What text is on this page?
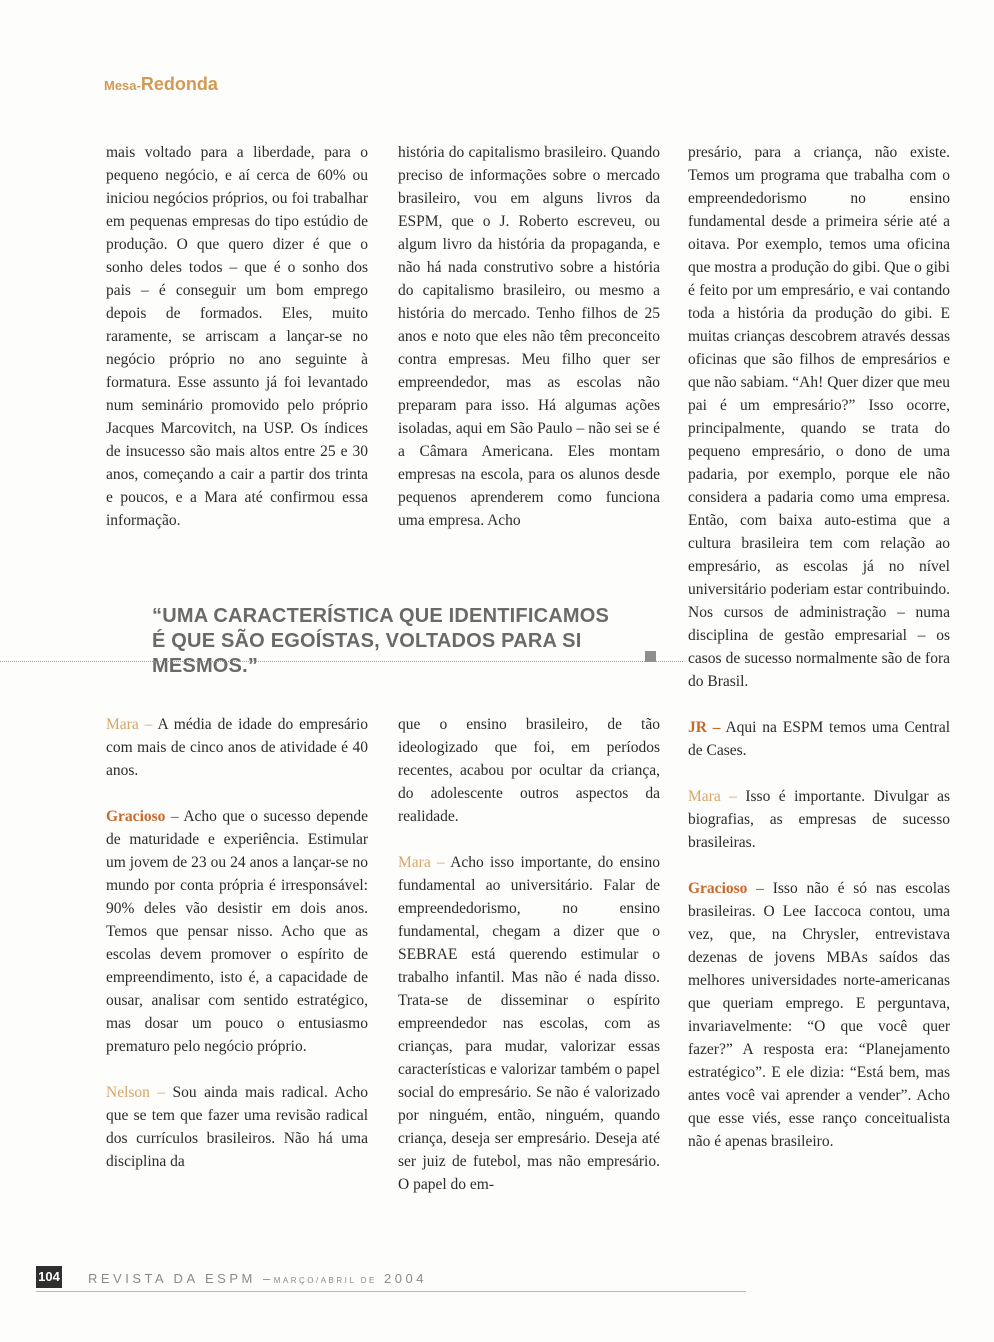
Mesa-Redonda

mais voltado para a liberdade, para o pequeno negócio, e aí cerca de 60% ou iniciou negócios próprios, ou foi trabalhar em pequenas empresas do tipo estúdio de produção. O que quero dizer é que o sonho deles todos – que é o sonho dos pais – é conseguir um bom emprego depois de formados. Eles, muito raramente, se arriscam a lançar-se no negócio próprio no ano seguinte à formatura. Esse assunto já foi levantado num seminário promovido pelo próprio Jacques Marcovitch, na USP. Os índices de insucesso são mais altos entre 25 e 30 anos, começando a cair a partir dos trinta e poucos, e a Mara até confirmou essa informação.

história do capitalismo brasileiro. Quando preciso de informações sobre o mercado brasileiro, vou em alguns livros da ESPM, que o J. Roberto escreveu, ou algum livro da história da propaganda, e não há nada construtivo sobre a história do capitalismo brasileiro, ou mesmo a história do mercado. Tenho filhos de 25 anos e noto que eles não têm preconceito contra empresas. Meu filho quer ser empreendedor, mas as escolas não preparam para isso. Há algumas ações isoladas, aqui em São Paulo – não sei se é a Câmara Americana. Eles montam empresas na escola, para os alunos desde pequenos aprenderem como funciona uma empresa. Acho

presário, para a criança, não existe. Temos um programa que trabalha com o empreendedorismo no ensino fundamental desde a primeira série até a oitava. Por exemplo, temos uma oficina que mostra a produção do gibi. Que o gibi é feito por um empresário, e vai contando toda a história da produção do gibi. E muitas crianças descobrem através dessas oficinas que são filhos de empresários e que não sabiam. “Ah! Quer dizer que meu pai é um empresário?” Isso ocorre, principalmente, quando se trata do pequeno empresário, o dono de uma padaria, por exemplo, porque ele não considera a padaria como uma empresa. Então, com baixa auto-estima que a cultura brasileira tem com relação ao empresário, as escolas já no nível universitário poderiam estar contribuindo. Nos cursos de administração – numa disciplina de gestão empresarial – os casos de sucesso normalmente são de fora do Brasil.

JR – Aqui na ESPM temos uma Central de Cases.

Mara – Isso é importante. Divulgar as biografias, as empresas de sucesso brasileiras.

Gracioso – Isso não é só nas escolas brasileiras. O Lee Iaccoca contou, uma vez, que, na Chrysler, entrevistava dezenas de jovens MBAs saídos das melhores universidades norte-americanas que queriam emprego. E perguntava, invariavelmente: “O que você quer fazer?” A resposta era: “Planejamento estratégico”. E ele dizia: “Está bem, mas antes você vai aprender a vender”. Acho que esse viés, esse ranço conceitualista não é apenas brasileiro.

“UMA CARACTERÍSTICA QUE IDENTIFICAMOS
É QUE SÃO EGOÍSTAS, VOLTADOS PARA SI MESMOS.”

Mara – A média de idade do empresário com mais de cinco anos de atividade é 40 anos.

Gracioso – Acho que o sucesso depende de maturidade e experiência. Estimular um jovem de 23 ou 24 anos a lançar-se no mundo por conta própria é irresponsável: 90% deles vão desistir em dois anos. Temos que pensar nisso. Acho que as escolas devem promover o espírito de empreendimento, isto é, a capacidade de ousar, analisar com sentido estratégico, mas dosar um pouco o entusiasmo prematuro pelo negócio próprio.

Nelson – Sou ainda mais radical. Acho que se tem que fazer uma revisão radical dos currículos brasileiros. Não há uma disciplina da

que o ensino brasileiro, de tão ideologizado que foi, em períodos recentes, acabou por ocultar da criança, do adolescente outros aspectos da realidade.

Mara – Acho isso importante, do ensino fundamental ao universitário. Falar de empreendedorismo, no ensino fundamental, chegam a dizer que o SEBRAE está querendo estimular o trabalho infantil. Mas não é nada disso. Trata-se de disseminar o espírito empreendedor nas escolas, com as crianças, para mudar, valorizar essas características e valorizar também o papel social do empresário. Se não é valorizado por ninguém, então, ninguém, quando criança, deseja ser empresário. Deseja até ser juiz de futebol, mas não empresário. O papel do em-

104 REVISTA DA ESPM –MARÇO/ABRIL DE 2004
